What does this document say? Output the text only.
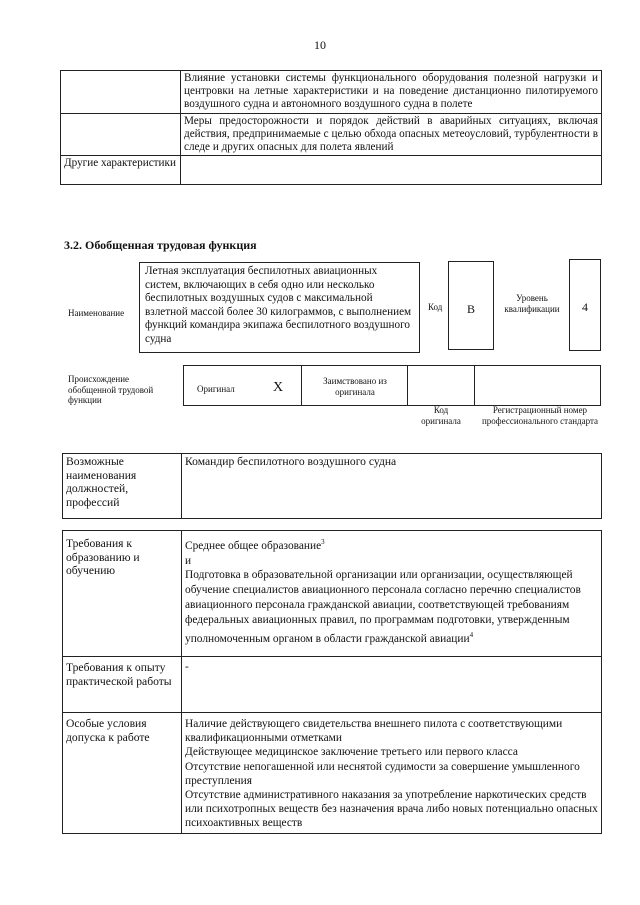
10
	Влияние установки системы функционального оборудования полезной нагрузки и центровки на летные характеристики и на поведение дистанционно пилотируемого воздушного судна и автономного воздушного судна в полете
	Меры предосторожности и порядок действий в аварийных ситуациях, включая действия, предпринимаемые с целью обхода опасных метеоусловий, турбулентности в следе и других опасных для полета явлений
Другие характеристики	
3.2. Обобщенная трудовая функция
Наименование
Летная эксплуатация беспилотных авиационных систем, включающих в себя одно или несколько беспилотных воздушных судов с максимальной взлетной массой более 30 килограммов, с выполнением функций командира экипажа беспилотного воздушного судна
Код	B
Уровень квалификации	4
Происхождение обобщенной трудовой функции
Оригинал	X	Заимствовано из оригинала
Код оригинала
Регистрационный номер профессионального стандарта
Возможные наименования должностей, профессий	Командир беспилотного воздушного судна
Требования к образованию и обучению	Среднее общее образование$^3$

и

Подготовка в образовательной организации или организации, осуществляющей обучение специалистов авиационного персонала согласно перечню специалистов авиационного персонала гражданской авиации, соответствующей требованиям федеральных авиационных правил, по программам подготовки, утвержденным уполномоченным органом в области гражданской авиации$^4$

Требования к опыту практической работы	-
Особые условия допуска к работе	Наличие действующего свидетельства внешнего пилота с соответствующими квалификационными отметками

Действующее медицинское заключение третьего или первого класса

Отсутствие непогашенной или неснятой судимости за совершение умышленного преступления

Отсутствие административного наказания за употребление наркотических средств или психотропных веществ без назначения врача либо новых потенциально опасных психоактивных веществ
